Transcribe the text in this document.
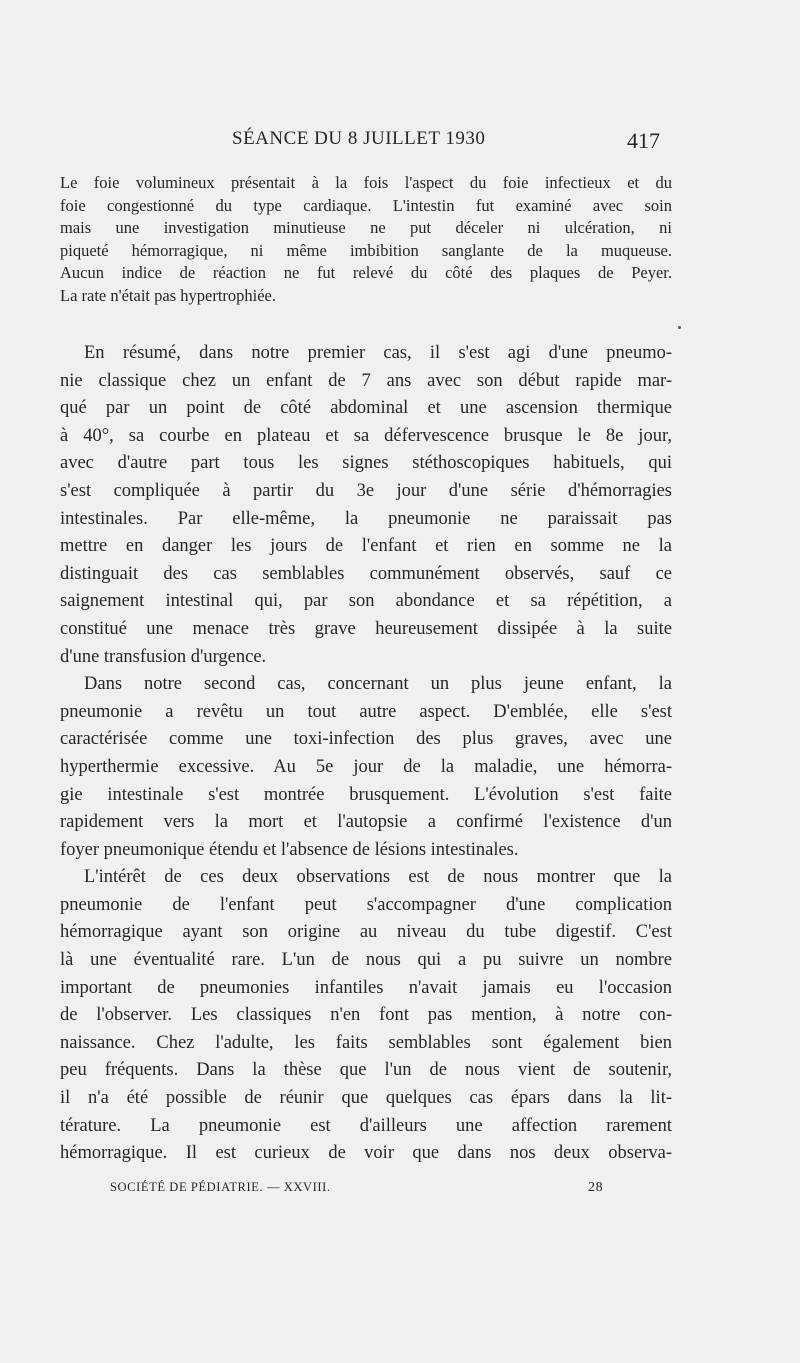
SÉANCE DU 8 JUILLET 1930	417
Le foie volumineux présentait à la fois l'aspect du foie infectieux et du
foie congestionné du type cardiaque. L'intestin fut examiné avec soin
mais une investigation minutieuse ne put déceler ni ulcération, ni
piqueté hémorragique, ni même imbibition sanglante de la muqueuse.
Aucun indice de réaction ne fut relevé du côté des plaques de Peyer.
La rate n'était pas hypertrophiée.
En résumé, dans notre premier cas, il s'est agi d'une pneumo-
nie classique chez un enfant de 7 ans avec son début rapide mar-
qué par un point de côté abdominal et une ascension thermique
à 40°, sa courbe en plateau et sa défervescence brusque le 8e jour,
avec d'autre part tous les signes stéthoscopiques habituels, qui
s'est compliquée à partir du 3e jour d'une série d'hémorragies
intestinales. Par elle-même, la pneumonie ne paraissait pas
mettre en danger les jours de l'enfant et rien en somme ne la
distinguait des cas semblables communément observés, sauf ce
saignement intestinal qui, par son abondance et sa répétition, a
constitué une menace très grave heureusement dissipée à la suite
d'une transfusion d'urgence.
Dans notre second cas, concernant un plus jeune enfant, la
pneumonie a revêtu un tout autre aspect. D'emblée, elle s'est
caractérisée comme une toxi-infection des plus graves, avec une
hyperthermie excessive. Au 5e jour de la maladie, une hémorra-
gie intestinale s'est montrée brusquement. L'évolution s'est faite
rapidement vers la mort et l'autopsie a confirmé l'existence d'un
foyer pneumonique étendu et l'absence de lésions intestinales.
L'intérêt de ces deux observations est de nous montrer que la
pneumonie de l'enfant peut s'accompagner d'une complication
hémorragique ayant son origine au niveau du tube digestif. C'est
là une éventualité rare. L'un de nous qui a pu suivre un nombre
important de pneumonies infantiles n'avait jamais eu l'occasion
de l'observer. Les classiques n'en font pas mention, à notre con-
naissance. Chez l'adulte, les faits semblables sont également bien
peu fréquents. Dans la thèse que l'un de nous vient de soutenir,
il n'a été possible de réunir que quelques cas épars dans la lit-
térature. La pneumonie est d'ailleurs une affection rarement
hémorragique. Il est curieux de voir que dans nos deux observa-
SOCIÉTÉ DE PÉDIATRIE. — XXVIII.	28
